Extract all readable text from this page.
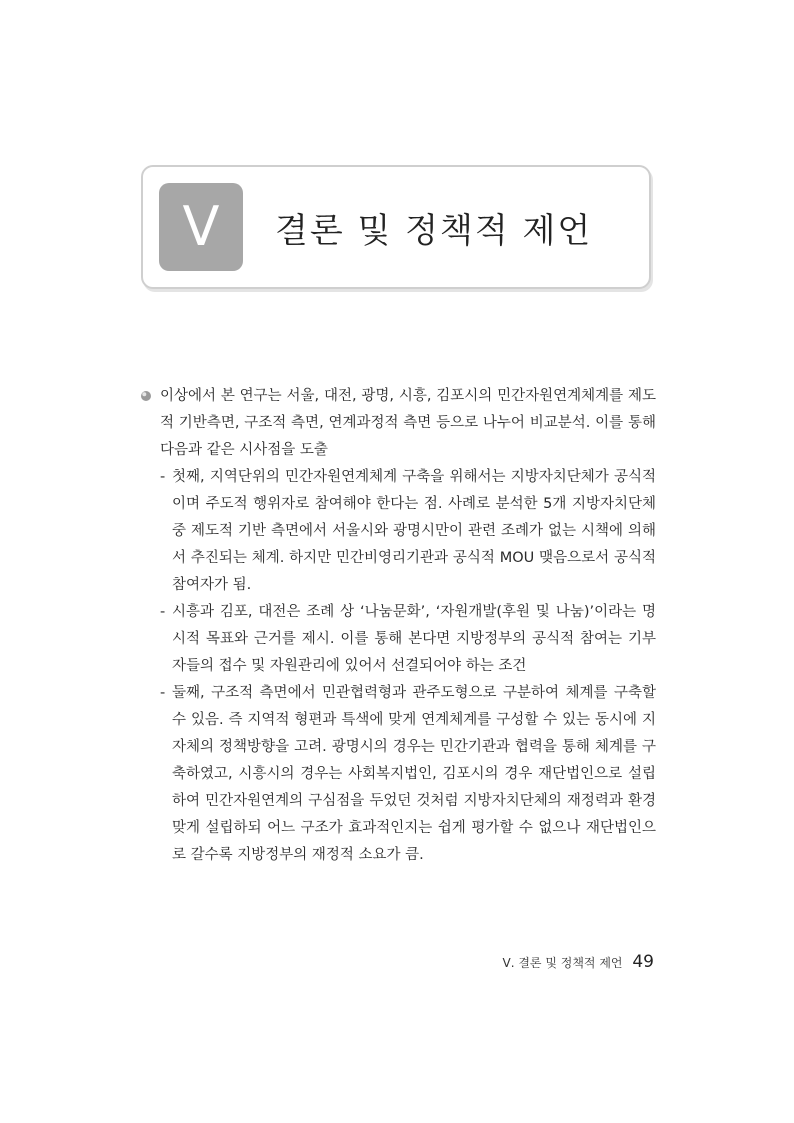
V	결론 및 정책적 제언
이상에서 본 연구는 서울, 대전, 광명, 시흥, 김포시의 민간자원연계체계를 제도적 기반측면, 구조적 측면, 연계과정적 측면 등으로 나누어 비교분석. 이를 통해 다음과 같은 시사점을 도출
- 첫째, 지역단위의 민간자원연계체계 구축을 위해서는 지방자치단체가 공식적이며 주도적 행위자로 참여해야 한다는 점. 사례로 분석한 5개 지방자치단체 중 제도적 기반 측면에서 서울시와 광명시만이 관련 조례가 없는 시책에 의해서 추진되는 체계. 하지만 민간비영리기관과 공식적 MOU 맺음으로서 공식적 참여자가 됨.
- 시흥과 김포, 대전은 조례 상 ‘나눔문화’, ‘자원개발(후원 및 나눔)’이라는 명시적 목표와 근거를 제시. 이를 통해 본다면 지방정부의 공식적 참여는 기부자들의 접수 및 자원관리에 있어서 선결되어야 하는 조건
- 둘째, 구조적 측면에서 민관협력형과 관주도형으로 구분하여 체계를 구축할 수 있음. 즉 지역적 형편과 특색에 맞게 연계체계를 구성할 수 있는 동시에 지자체의 정책방향을 고려. 광명시의 경우는 민간기관과 협력을 통해 체계를 구축하였고, 시흥시의 경우는 사회복지법인, 김포시의 경우 재단법인으로 설립하여 민간자원연계의 구심점을 두었던 것처럼 지방자치단체의 재정력과 환경 맞게 설립하되 어느 구조가 효과적인지는 쉽게 평가할 수 없으나 재단법인으로 갈수록 지방정부의 재정적 소요가 큼.
Ⅴ. 결론 및 정책적 제언 49
